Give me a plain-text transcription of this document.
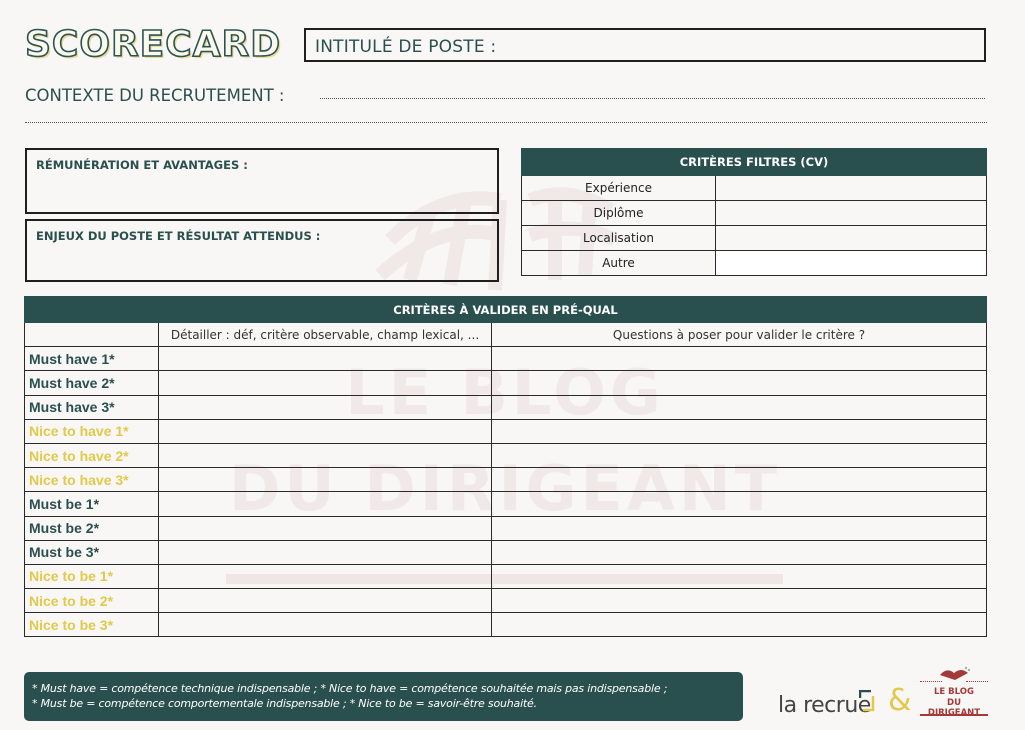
LE BLOG
DU DIRIGEANT
SCORECARD INTITULÉ DE POSTE :
CONTEXTE DU RECRUTEMENT :
RÉMUNÉRATION ET AVANTAGES :
ENJEUX DU POSTE ET RÉSULTAT ATTENDUS :
CRITÈRES FILTRES (CV)	
Expérience	
Diplôme	
Localisation	
Autre	
CRITÈRES À VALIDER EN PRÉ-QUAL		
	Détailler : déf, critère observable, champ lexical, ...	Questions à poser pour valider le critère ?
Must have 1*		
Must have 2*		
Must have 3*		
Nice to have 1*		
Nice to have 2*		
Nice to have 3*		
Must be 1*		
Must be 2*		
Must be 3*		
Nice to be 1*		
Nice to be 2*		
Nice to be 3*		
* Must have = compétence technique indispensable ; * Nice to have = compétence souhaitée mais pas indispensable ;
* Must be = compétence comportementale indispensable ; * Nice to be = savoir-être souhaité.	la recrue &	LE BLOG
DU DIRIGEANT
